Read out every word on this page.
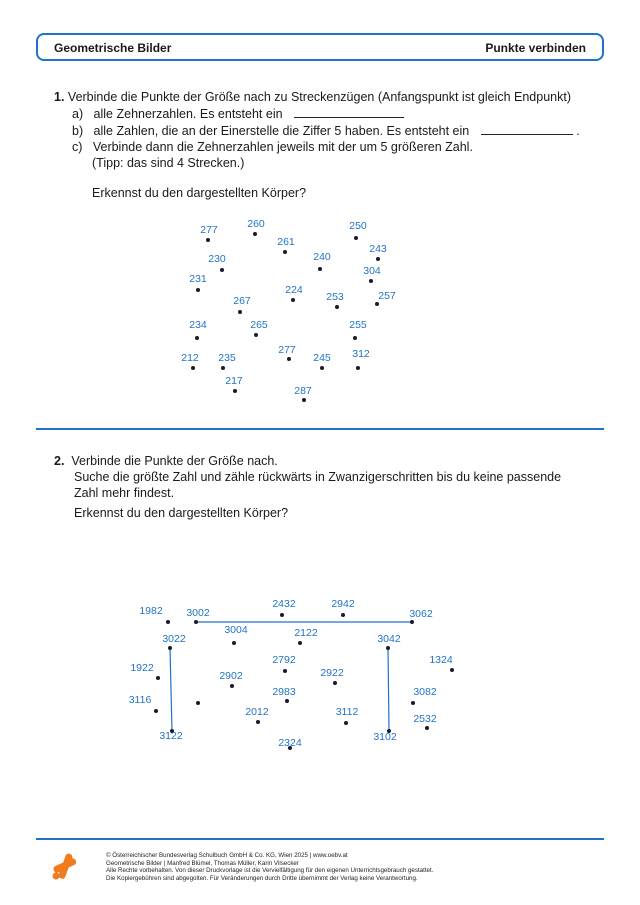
Geometrische Bilder	Punkte verbinden
1. Verbinde die Punkte der Größe nach zu Streckenzügen (Anfangspunkt ist gleich Endpunkt)
a) alle Zehnerzahlen. Es entsteht ein
b) alle Zahlen, die an der Einerstelle die Ziffer 5 haben. Es entsteht ein	.
c) Verbinde dann die Zehnerzahlen jeweils mit der um 5 größeren Zahl.
(Tipp: das sind 4 Strecken.)
Erkennst du den dargestellten Körper?
2. Verbinde die Punkte der Größe nach.
Suche die größte Zahl und zähle rückwärts in Zwanzigerschritten bis du keine passende
Zahl mehr findest.
Erkennst du den dargestellten Körper?
277	260
261
250
243
230	240
231
304
224
267	253	257
234	265	255
212 235
277
245 312
217
287
1982 3002
2432	2942
3062
3004	2122
3022	3042
1324
2792
1922
2902	2922
2983	3082
3116
2012	3112
2532
3122	3102
2324
© Österreichischer Bundesverlag Schulbuch GmbH & Co. KG, Wien 2025 | www.oebv.at
Geometrische Bilder | Manfred Blümel, Thomas Müller, Karin Vilsecker
Alle Rechte vorbehalten. Von dieser Druckvorlage ist die Vervielfältigung für den eigenen Unterrichtsgebrauch gestattet.
Die Kopiergebühren sind abgegolten. Für Veränderungen durch Dritte übernimmt der Verlag keine Verantwortung.
